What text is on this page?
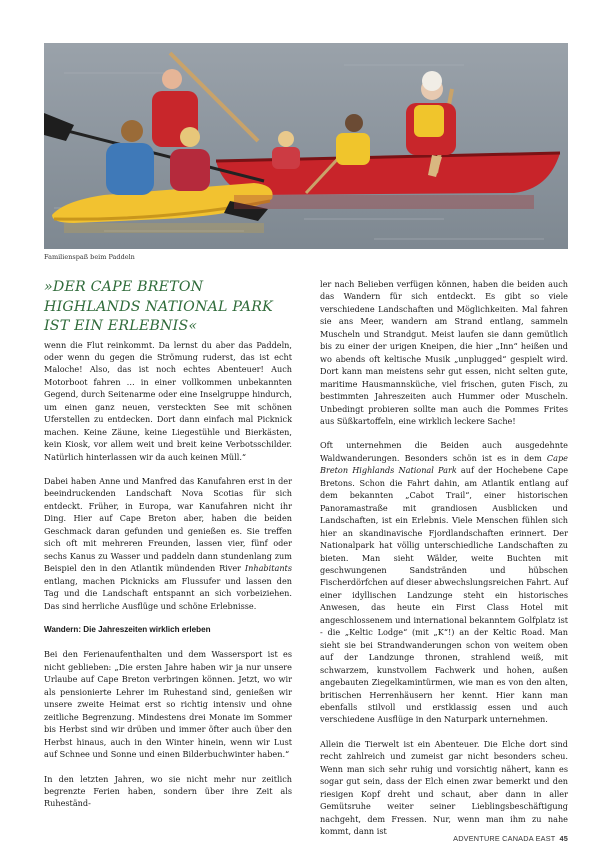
Familienspaß beim Paddeln
»DER CAPE BRETON HIGHLANDS NATIONAL PARK IST EIN ERLEBNIS«

wenn die Flut reinkommt. Da lernst du aber das Paddeln, oder wenn du gegen die Strömung ruderst, das ist echt Maloche! Also, das ist noch echtes Abenteuer! Auch Motorboot fahren … in einer vollkommen unbekannten Gegend, durch Seitenarme oder eine Inselgruppe hindurch, um einen ganz neuen, versteckten See mit schönen Uferstellen zu entdecken. Dort dann einfach mal Picknick machen. Keine Zäune, keine Liegestühle und Bierkästen, kein Kiosk, vor allem weit und breit keine Verbotsschilder. Natürlich hinterlassen wir da auch keinen Müll.“

Dabei haben Anne und Manfred das Kanufahren erst in der beeindruckenden Landschaft Nova Scotias für sich entdeckt. Früher, in Europa, war Kanufahren nicht ihr Ding. Hier auf Cape Breton aber, haben die beiden Geschmack daran gefunden und genießen es. Sie treffen sich oft mit mehreren Freunden, lassen vier, fünf oder sechs Kanus zu Wasser und paddeln dann stundenlang zum Beispiel den in den Atlantik mündenden River Inhabitants entlang, machen Picknicks am Flussufer und lassen den Tag und die Landschaft entspannt an sich vorbeiziehen. Das sind herrliche Ausflüge und schöne Erlebnisse.

Wandern: Die Jahreszeiten wirklich erleben

Bei den Ferienaufenthalten und dem Wassersport ist es nicht geblieben: „Die ersten Jahre haben wir ja nur unsere Urlaube auf Cape Breton verbringen können. Jetzt, wo wir als pensionierte Lehrer im Ruhestand sind, genießen wir unsere zweite Heimat erst so richtig intensiv und ohne zeitliche Begrenzung. Mindestens drei Monate im Sommer bis Herbst sind wir drüben und immer öfter auch über den Herbst hinaus, auch in den Winter hinein, wenn wir Lust auf Schnee und Sonne und einen Bilderbuchwinter haben.“

In den letzten Jahren, wo sie nicht mehr nur zeitlich begrenzte Ferien haben, sondern über ihre Zeit als Ruheständ-

ler nach Belieben verfügen können, haben die beiden auch das Wandern für sich entdeckt. Es gibt so viele verschiedene Landschaften und Möglichkeiten. Mal fahren sie ans Meer, wandern am Strand entlang, sammeln Muscheln und Strandgut. Meist laufen sie dann gemütlich bis zu einer der urigen Kneipen, die hier „Inn“ heißen und wo abends oft keltische Musik „unplugged“ gespielt wird. Dort kann man meistens sehr gut essen, nicht selten gute, maritime Hausmannsküche, viel frischen, guten Fisch, zu bestimmten Jahreszeiten auch Hummer oder Muscheln. Unbedingt probieren sollte man auch die Pommes Frites aus Süßkartoffeln, eine wirklich leckere Sache!

Oft unternehmen die Beiden auch ausgedehnte Waldwanderungen. Besonders schön ist es in dem Cape Breton Highlands National Park auf der Hochebene Cape Bretons. Schon die Fahrt dahin, am Atlantik entlang auf dem bekannten „Cabot Trail“, einer historischen Panoramastraße mit grandiosen Ausblicken und Landschaften, ist ein Erlebnis. Viele Menschen fühlen sich hier an skandinavische Fjordlandschaften erinnert. Der Nationalpark hat völlig unterschiedliche Landschaften zu bieten. Man sieht Wälder, weite Buchten mit geschwungenen Sandstränden und hübschen Fischerdörfchen auf dieser abwechslungsreichen Fahrt. Auf einer idyllischen Landzunge steht ein historisches Anwesen, das heute ein First Class Hotel mit angeschlossenem und international bekanntem Golfplatz ist - die „Keltic Lodge“ (mit „K“!) an der Keltic Road. Man sieht sie bei Strandwanderungen schon von weitem oben auf der Landzunge thronen, strahlend weiß, mit schwarzem, kunstvollem Fachwerk und hohen, außen angebauten Ziegelkamintürmen, wie man es von den alten, britischen Herrenhäusern her kennt. Hier kann man ebenfalls stilvoll und erstklassig essen und auch verschiedene Ausflüge in den Naturpark unternehmen.

Allein die Tierwelt ist ein Abenteuer. Die Elche dort sind recht zahlreich und zumeist gar nicht besonders scheu. Wenn man sich sehr ruhig und vorsichtig nähert, kann es sogar gut sein, dass der Elch einen zwar bemerkt und den riesigen Kopf dreht und schaut, aber dann in aller Gemütsruhe weiter seiner Lieblingsbeschäftigung nachgeht, dem Fressen. Nur, wenn man ihm zu nahe kommt, dann ist

ADVENTURE CANADA EAST 45
